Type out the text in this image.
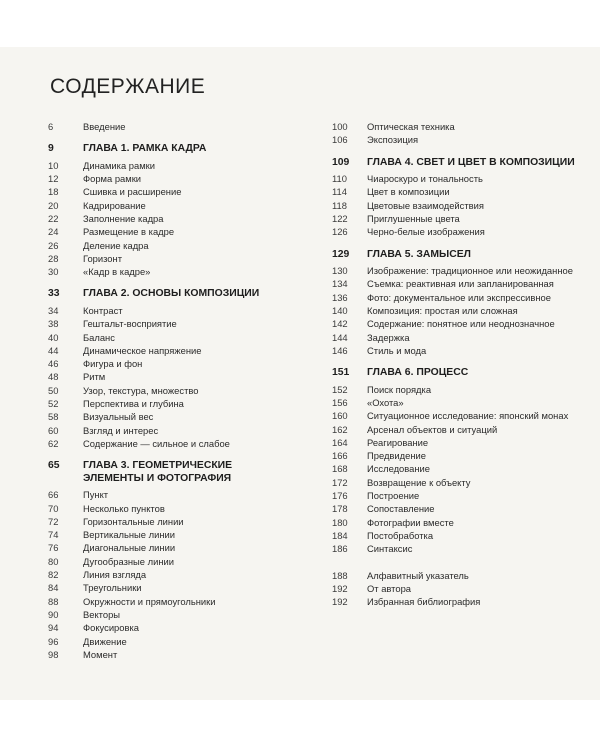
СОДЕРЖАНИЕ
6	Введение
9	ГЛАВА 1. РАМКА КАДРА
10	Динамика рамки
12	Форма рамки
18	Сшивка и расширение
20	Кадрирование
22	Заполнение кадра
24	Размещение в кадре
26	Деление кадра
28	Горизонт
30	«Кадр в кадре»
33	ГЛАВА 2. ОСНОВЫ КОМПОЗИЦИИ
34	Контраст
38	Гештальт-восприятие
40	Баланс
44	Динамическое напряжение
46	Фигура и фон
48	Ритм
50	Узор, текстура, множество
52	Перспектива и глубина
58	Визуальный вес
60	Взгляд и интерес
62	Содержание — сильное и слабое
65	ГЛАВА 3. ГЕОМЕТРИЧЕСКИЕ ЭЛЕМЕНТЫ И ФОТОГРАФИЯ
66	Пункт
70	Несколько пунктов
72	Горизонтальные линии
74	Вертикальные линии
76	Диагональные линии
80	Дугообразные линии
82	Линия взгляда
84	Треугольники
88	Окружности и прямоугольники
90	Векторы
94	Фокусировка
96	Движение
98	Момент
100	Оптическая техника
106	Экспозиция
109	ГЛАВА 4. СВЕТ И ЦВЕТ В КОМПОЗИЦИИ
110	Чиароскуро и тональность
114	Цвет в композиции
118	Цветовые взаимодействия
122	Приглушенные цвета
126	Черно-белые изображения
129	ГЛАВА 5. ЗАМЫСЕЛ
130	Изображение: традиционное или неожиданное
134	Съемка: реактивная или запланированная
136	Фото: документальное или экспрессивное
140	Композиция: простая или сложная
142	Содержание: понятное или неоднозначное
144	Задержка
146	Стиль и мода
151	ГЛАВА 6. ПРОЦЕСС
152	Поиск порядка
156	«Охота»
160	Ситуационное исследование: японский монах
162	Арсенал объектов и ситуаций
164	Реагирование
166	Предвидение
168	Исследование
172	Возвращение к объекту
176	Построение
178	Сопоставление
180	Фотографии вместе
184	Постобработка
186	Синтаксис
188	Алфавитный указатель
192	От автора
192	Избранная библиография
